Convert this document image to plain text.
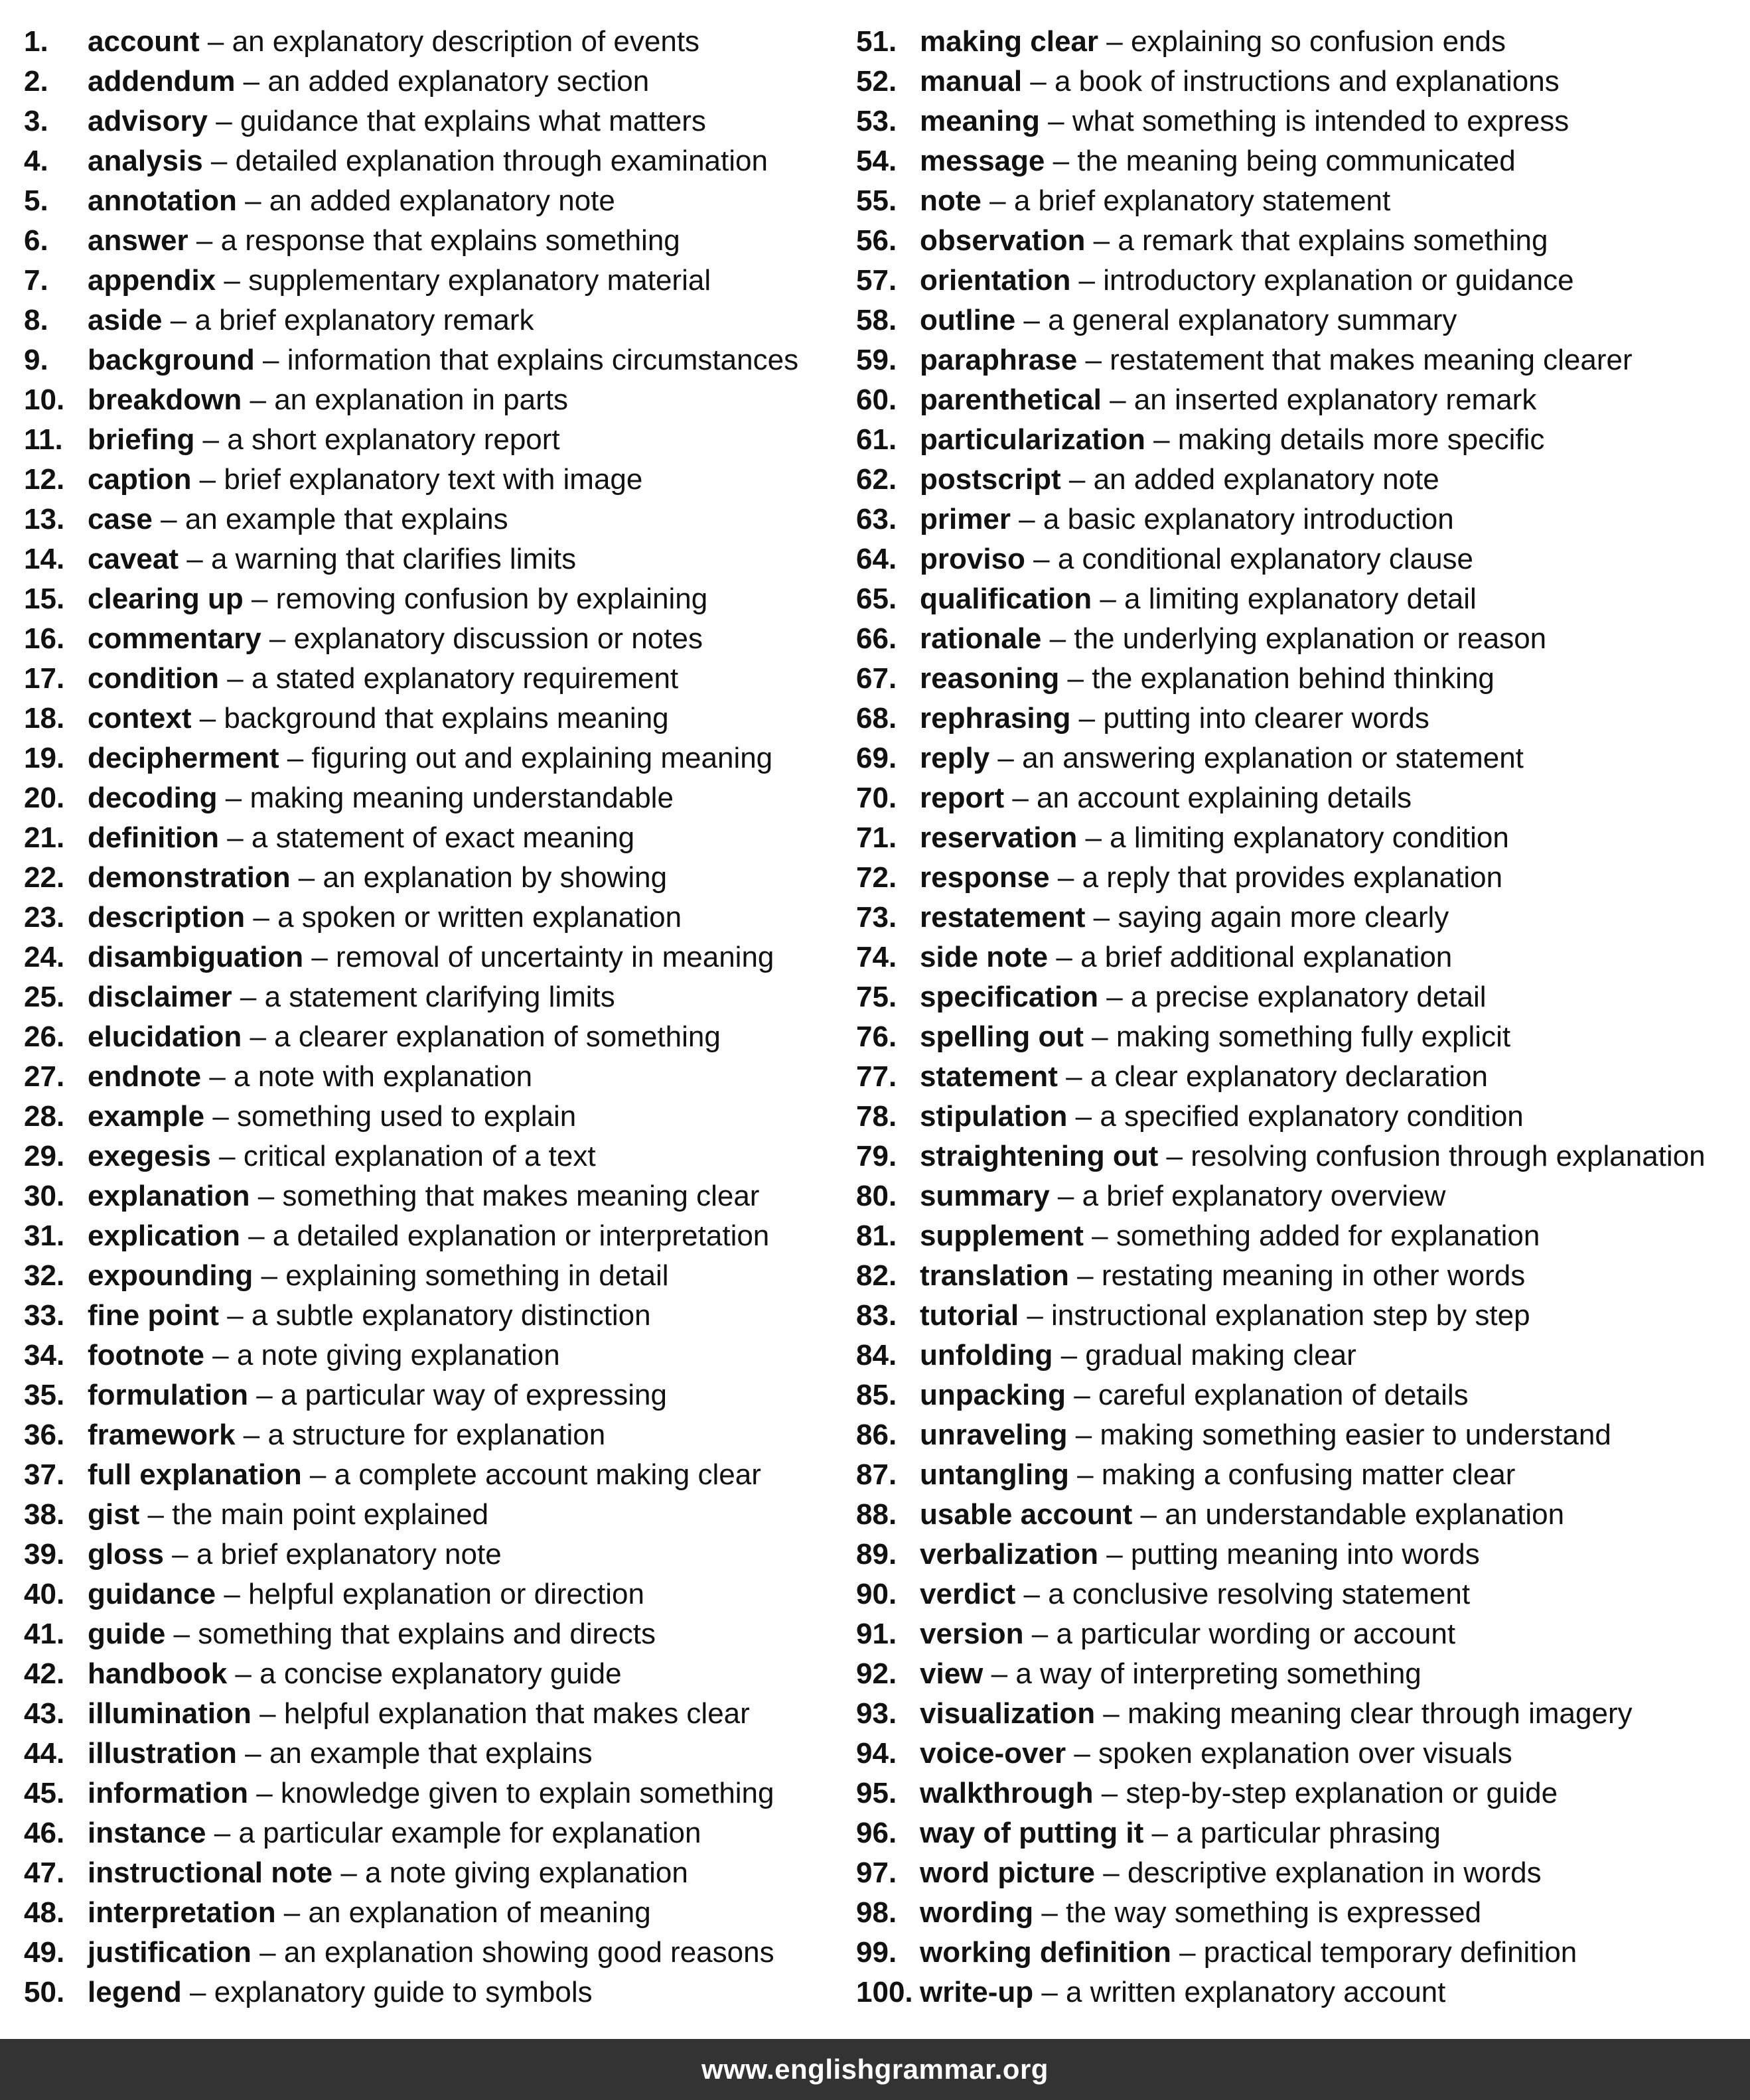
1.	account – an explanatory description of events
2.	addendum – an added explanatory section
3.	advisory – guidance that explains what matters
4.	analysis – detailed explanation through examination
5.	annotation – an added explanatory note
6.	answer – a response that explains something
7.	appendix – supplementary explanatory material
8.	aside – a brief explanatory remark
9.	background – information that explains circumstances
10. breakdown – an explanation in parts
11. briefing – a short explanatory report
12. caption – brief explanatory text with image
13. case – an example that explains
14. caveat – a warning that clarifies limits
15. clearing up – removing confusion by explaining
16. commentary – explanatory discussion or notes
17. condition – a stated explanatory requirement
18. context – background that explains meaning
19. decipherment – figuring out and explaining meaning
20. decoding – making meaning understandable
21. definition – a statement of exact meaning
22. demonstration – an explanation by showing
23. description – a spoken or written explanation
24. disambiguation – removal of uncertainty in meaning
25. disclaimer – a statement clarifying limits
26. elucidation – a clearer explanation of something
27. endnote – a note with explanation
28. example – something used to explain
29. exegesis – critical explanation of a text
30. explanation – something that makes meaning clear
31. explication – a detailed explanation or interpretation
32. expounding – explaining something in detail
33. fine point – a subtle explanatory distinction
34. footnote – a note giving explanation
35. formulation – a particular way of expressing
36. framework – a structure for explanation
37. full explanation – a complete account making clear
38. gist – the main point explained
39. gloss – a brief explanatory note
40. guidance – helpful explanation or direction
41. guide – something that explains and directs
42. handbook – a concise explanatory guide
43. illumination – helpful explanation that makes clear
44. illustration – an example that explains
45. information – knowledge given to explain something
46. instance – a particular example for explanation
47. instructional note – a note giving explanation
48. interpretation – an explanation of meaning
49. justification – an explanation showing good reasons
50. legend – explanatory guide to symbols
51. making clear – explaining so confusion ends
52. manual – a book of instructions and explanations
53. meaning – what something is intended to express
54. message – the meaning being communicated
55. note – a brief explanatory statement
56. observation – a remark that explains something
57. orientation – introductory explanation or guidance
58. outline – a general explanatory summary
59. paraphrase – restatement that makes meaning clearer
60. parenthetical – an inserted explanatory remark
61. particularization – making details more specific
62. postscript – an added explanatory note
63. primer – a basic explanatory introduction
64. proviso – a conditional explanatory clause
65. qualification – a limiting explanatory detail
66. rationale – the underlying explanation or reason
67. reasoning – the explanation behind thinking
68. rephrasing – putting into clearer words
69. reply – an answering explanation or statement
70. report – an account explaining details
71. reservation – a limiting explanatory condition
72. response – a reply that provides explanation
73. restatement – saying again more clearly
74. side note – a brief additional explanation
75. specification – a precise explanatory detail
76. spelling out – making something fully explicit
77. statement – a clear explanatory declaration
78. stipulation – a specified explanatory condition
79. straightening out – resolving confusion through explanation
80. summary – a brief explanatory overview
81. supplement – something added for explanation
82. translation – restating meaning in other words
83. tutorial – instructional explanation step by step
84. unfolding – gradual making clear
85. unpacking – careful explanation of details
86. unraveling – making something easier to understand
87. untangling – making a confusing matter clear
88. usable account – an understandable explanation
89. verbalization – putting meaning into words
90. verdict – a conclusive resolving statement
91. version – a particular wording or account
92. view – a way of interpreting something
93. visualization – making meaning clear through imagery
94. voice-over – spoken explanation over visuals
95. walkthrough – step-by-step explanation or guide
96. way of putting it – a particular phrasing
97. word picture – descriptive explanation in words
98. wording – the way something is expressed
99. working definition – practical temporary definition
100. write-up – a written explanatory account
www.englishgrammar.org
